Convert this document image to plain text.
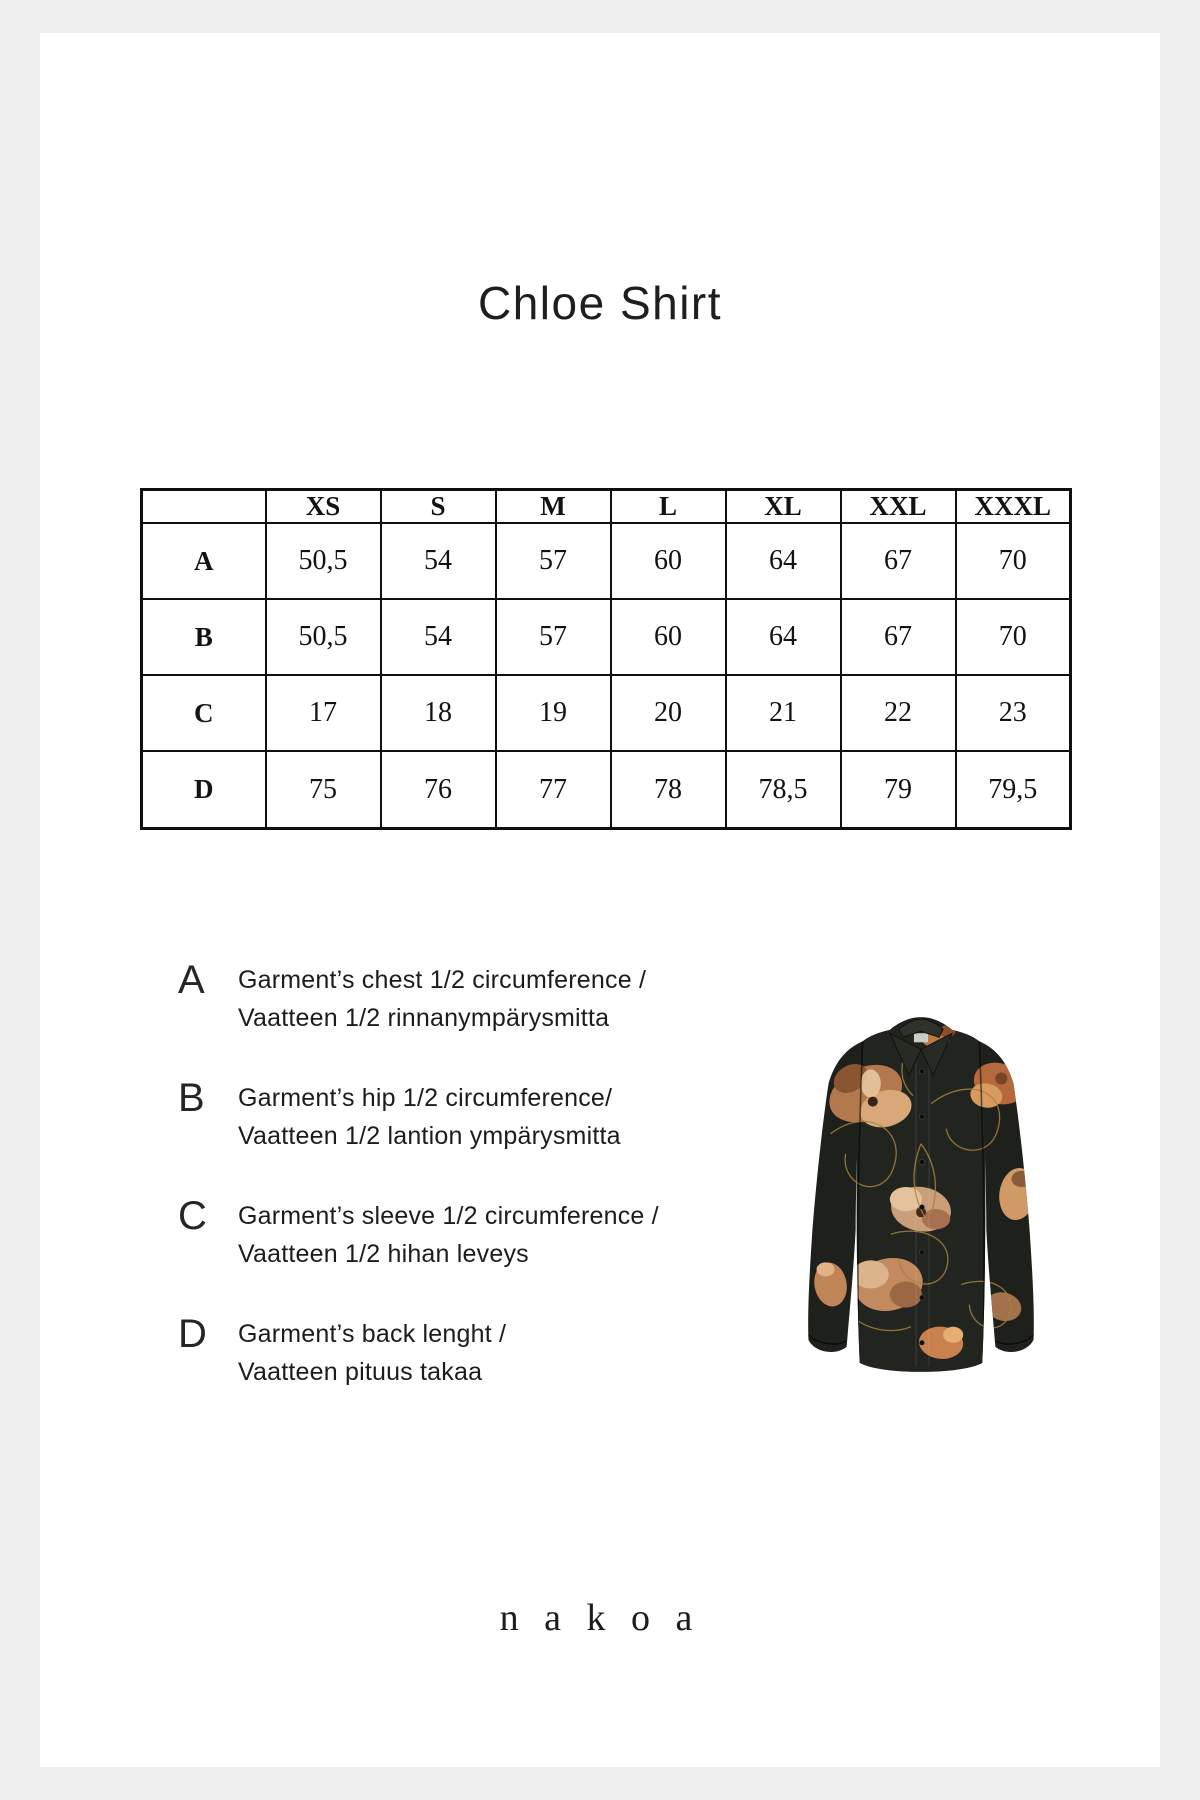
Chloe Shirt
	XS	S	M	L	XL	XXL	XXXL
A	50,5	54	57	60	64	67	70
B	50,5	54	57	60	64	67	70
C	17	18	19	20	21	22	23
D	75	76	77	78	78,5	79	79,5
A	Garment’s chest 1/2 circumference /
Vaatteen 1/2 rinnanympärysmitta
B	Garment’s hip 1/2 circumference/
Vaatteen 1/2 lantion ympärysmitta
C	Garment’s sleeve 1/2 circumference /
Vaatteen 1/2 hihan leveys
D	Garment’s back lenght /
Vaatteen pituus takaa
n a k o a
